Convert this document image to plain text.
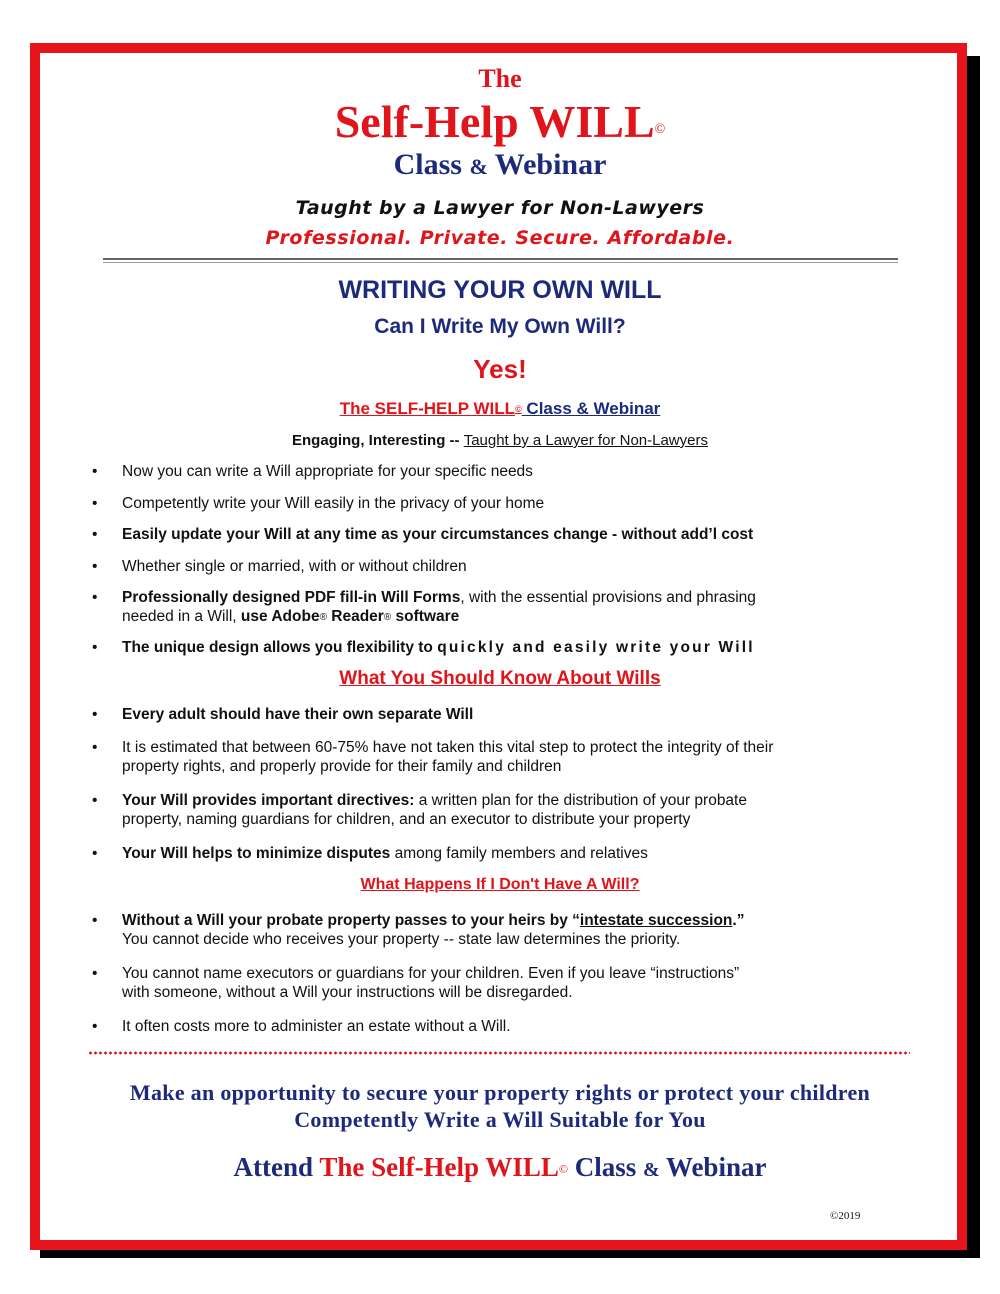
The
Self-Help WILL©
Class & Webinar
Taught by a Lawyer for Non-Lawyers
Professional. Private. Secure. Affordable.
WRITING YOUR OWN WILL
Can I Write My Own Will?
Yes!
The SELF-HELP WILL© Class & Webinar
Engaging, Interesting -- Taught by a Lawyer for Non-Lawyers
• Now you can write a Will appropriate for your specific needs
• Competently write your Will easily in the privacy of your home
• Easily update your Will at any time as your circumstances change - without add’l cost
• Whether single or married, with or without children
• Professionally designed PDF fill-in Will Forms, with the essential provisions and phrasing
needed in a Will, use Adobe® Reader® software
• The unique design allows you flexibility to quickly and easily write your Will
What You Should Know About Wills
• Every adult should have their own separate Will
• It is estimated that between 60-75% have not taken this vital step to protect the integrity of their
property rights, and properly provide for their family and children
• Your Will provides important directives: a written plan for the distribution of your probate
property, naming guardians for children, and an executor to distribute your property
• Your Will helps to minimize disputes among family members and relatives
What Happens If I Don't Have A Will?
• Without a Will your probate property passes to your heirs by “intestate succession.”
You cannot decide who receives your property -- state law determines the priority.
• You cannot name executors or guardians for your children. Even if you leave “instructions”
with someone, without a Will your instructions will be disregarded.
• It often costs more to administer an estate without a Will.
Make an opportunity to secure your property rights or protect your children
Competently Write a Will Suitable for You
Attend The Self-Help WILL© Class & Webinar
©2019
